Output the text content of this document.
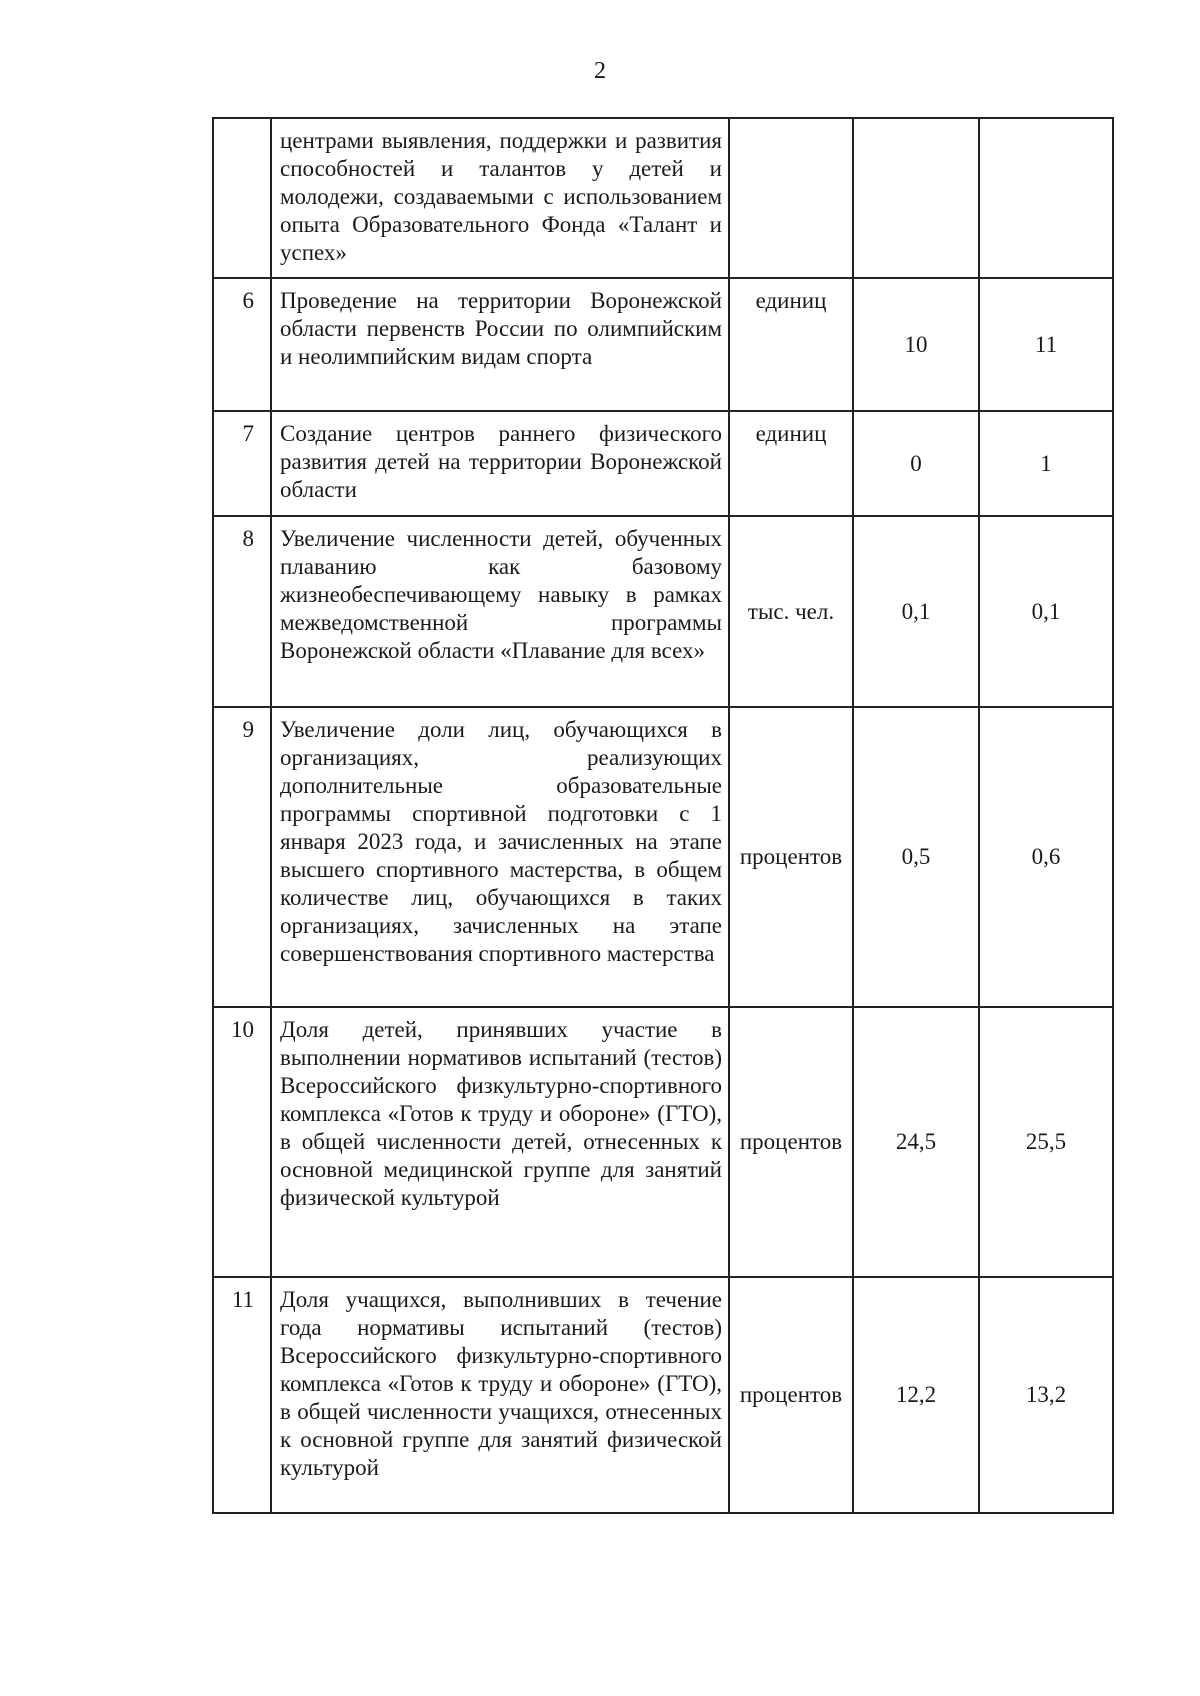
2
	центрами выявления, поддержки и развития способностей и талантов у детей и молодежи, создаваемыми с использованием опыта Образовательного Фонда «Талант и успех»			
6	Проведение на территории Воронежской области первенств России по олимпийским и неолимпийским видам спорта	единиц	10	11
7	Создание центров раннего физического развития детей на территории Воронежской области	единиц	0	1
8	Увеличение численности детей, обученных плаванию как базовому жизнеобеспечивающему навыку в рамках межведомственной программы Воронежской области «Плавание для всех»	тыс. чел.	0,1	0,1
9	Увеличение доли лиц, обучающихся в организациях, реализующих дополнительные образовательные программы спортивной подготовки с 1 января 2023 года, и зачисленных на этапе высшего спортивного мастерства, в общем количестве лиц, обучающихся в таких организациях, зачисленных на этапе совершенствования спортивного мастерства	процентов	0,5	0,6
10	Доля детей, принявших участие в выполнении нормативов испытаний (тестов) Всероссийского физкультурно-спортивного комплекса «Готов к труду и обороне» (ГТО), в общей численности детей, отнесенных к основной медицинской группе для занятий физической культурой	процентов	24,5	25,5
11	Доля учащихся, выполнивших в течение года нормативы испытаний (тестов) Всероссийского физкультурно-спортивного комплекса «Готов к труду и обороне» (ГТО), в общей численности учащихся, отнесенных к основной группе для занятий физической культурой	процентов	12,2	13,2
